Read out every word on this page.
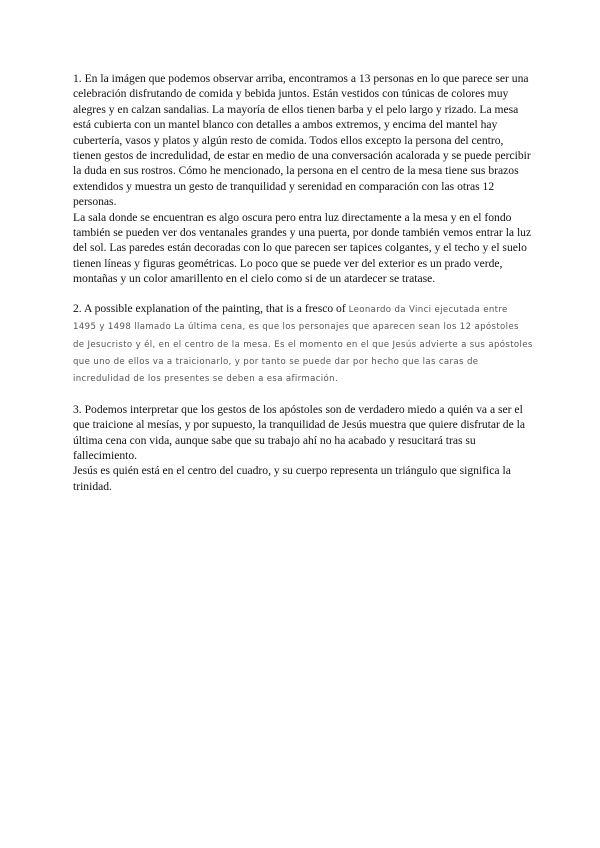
1. En la imágen que podemos observar arriba, encontramos a 13 personas en lo que parece ser una celebración disfrutando de comida y bebida juntos. Están vestidos con túnicas de colores muy alegres y en calzan sandalias. La mayoría de ellos tienen barba y el pelo largo y rizado. La mesa está cubierta con un mantel blanco con detalles a ambos extremos, y encima del mantel hay cubertería, vasos y platos y algún resto de comida. Todos ellos excepto la persona del centro, tienen gestos de incredulidad, de estar en medio de una conversación acalorada y se puede percibir la duda en sus rostros. Cómo he mencionado, la persona en el centro de la mesa tiene sus brazos extendidos y muestra un gesto de tranquilidad y serenidad en comparación con las otras 12 personas.

La sala donde se encuentran es algo oscura pero entra luz directamente a la mesa y en el fondo también se pueden ver dos ventanales grandes y una puerta, por donde también vemos entrar la luz del sol. Las paredes están decoradas con lo que parecen ser tapices colgantes, y el techo y el suelo tienen líneas y figuras geométricas. Lo poco que se puede ver del exterior es un prado verde, montañas y un color amarillento en el cielo como si de un atardecer se tratase.

2. A possible explanation of the painting, that is a fresco of Leonardo da Vinci ejecutada entre 1495 y 1498 llamado La última cena, es que los personajes que aparecen sean los 12 apóstoles de Jesucristo y él, en el centro de la mesa. Es el momento en el que Jesús advierte a sus apóstoles que uno de ellos va a traicionarlo, y por tanto se puede dar por hecho que las caras de incredulidad de los presentes se deben a esa afirmación.

3. Podemos interpretar que los gestos de los apóstoles son de verdadero miedo a quién va a ser el que traicione al mesías, y por supuesto, la tranquilidad de Jesús muestra que quiere disfrutar de la última cena con vida, aunque sabe que su trabajo ahí no ha acabado y resucitará tras su fallecimiento.

Jesús es quién está en el centro del cuadro, y su cuerpo representa un triángulo que significa la trinidad.
